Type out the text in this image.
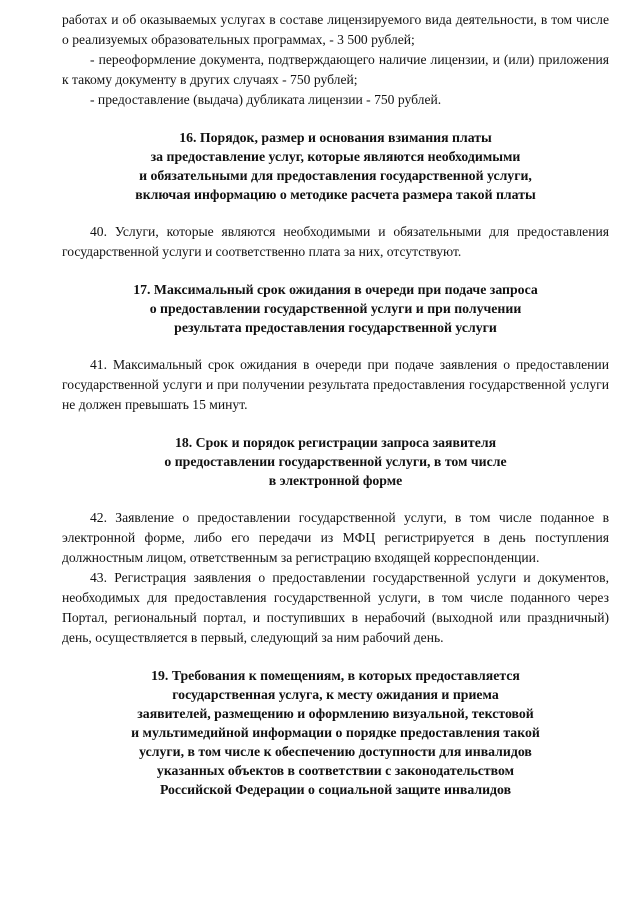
работах и об оказываемых услугах в составе лицензируемого вида деятельности, в том числе о реализуемых образовательных программах, - 3 500 рублей;

- переоформление документа, подтверждающего наличие лицензии, и (или) приложения к такому документу в других случаях - 750 рублей;

- предоставление (выдача) дубликата лицензии - 750 рублей.

16. Порядок, размер и основания взимания платы

за предоставление услуг, которые являются необходимыми

и обязательными для предоставления государственной услуги,

включая информацию о методике расчета размера такой платы

40. Услуги, которые являются необходимыми и обязательными для предоставления государственной услуги и соответственно плата за них, отсутствуют.

17. Максимальный срок ожидания в очереди при подаче запроса

о предоставлении государственной услуги и при получении

результата предоставления государственной услуги

41. Максимальный срок ожидания в очереди при подаче заявления о предоставлении государственной услуги и при получении результата предоставления государственной услуги не должен превышать 15 минут.

18. Срок и порядок регистрации запроса заявителя

о предоставлении государственной услуги, в том числе

в электронной форме

42. Заявление о предоставлении государственной услуги, в том числе поданное в электронной форме, либо его передачи из МФЦ регистрируется в день поступления должностным лицом, ответственным за регистрацию входящей корреспонденции.

43. Регистрация заявления о предоставлении государственной услуги и документов, необходимых для предоставления государственной услуги, в том числе поданного через Портал, региональный портал, и поступивших в нерабочий (выходной или праздничный) день, осуществляется в первый, следующий за ним рабочий день.

19. Требования к помещениям, в которых предоставляется

государственная услуга, к месту ожидания и приема

заявителей, размещению и оформлению визуальной, текстовой

и мультимедийной информации о порядке предоставления такой

услуги, в том числе к обеспечению доступности для инвалидов

указанных объектов в соответствии с законодательством

Российской Федерации о социальной защите инвалидов
